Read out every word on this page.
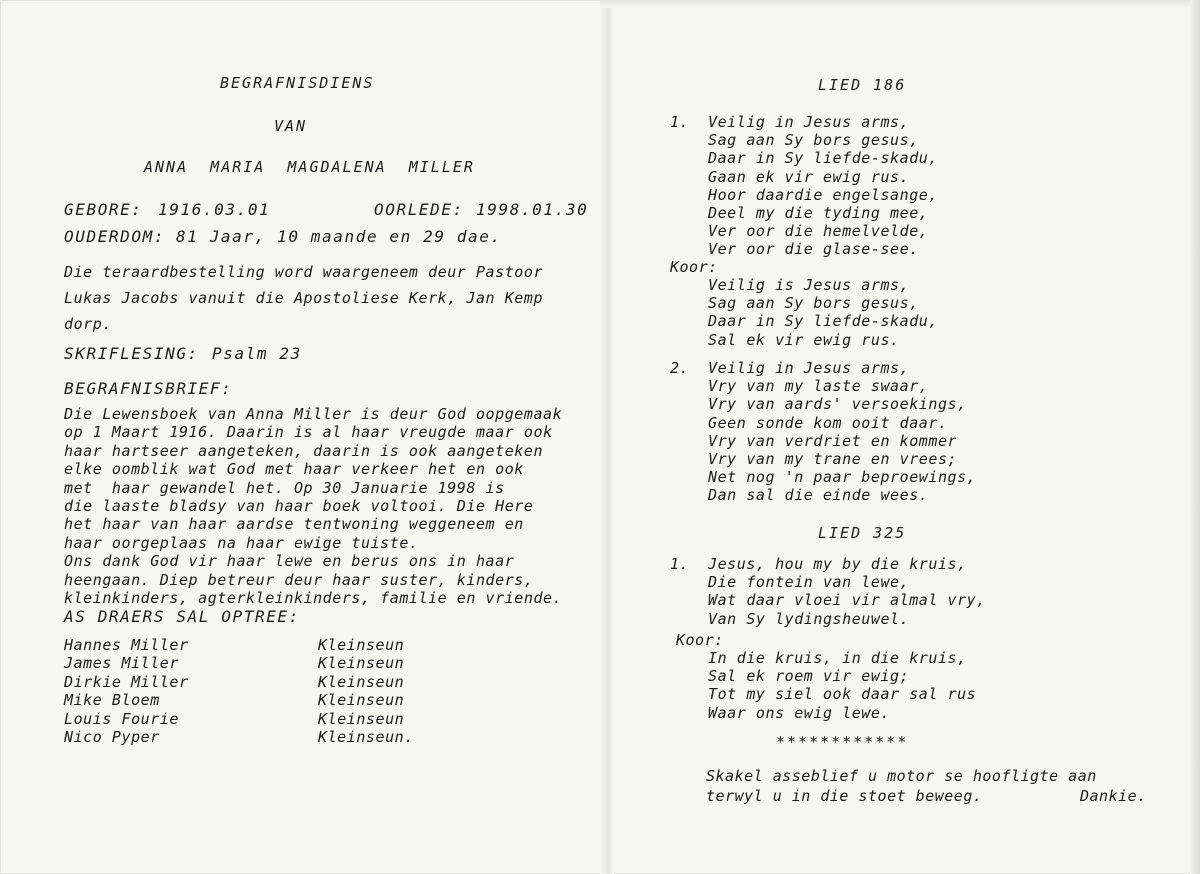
BEGRAFNISDIENS

VAN

ANNA  MARIA  MAGDALENA  MILLER

GEBORE: 1916.03.01	OORLEDE: 1998.01.30

OUDERDOM: 81 Jaar, 10 maande en 29 dae.

Die teraardbestelling word waargeneem deur Pastoor
Lukas Jacobs vanuit die Apostoliese Kerk, Jan Kemp
dorp.

SKRIFLESING: Psalm 23

BEGRAFNISBRIEF:

Die Lewensboek van Anna Miller is deur God oopgemaak
op 1 Maart 1916. Daarin is al haar vreugde maar ook
haar hartseer aangeteken, daarin is ook aangeteken
elke oomblik wat God met haar verkeer het en ook
met  haar gewandel het. Op 30 Januarie 1998 is
die laaste bladsy van haar boek voltooi. Die Here
het haar van haar aardse tentwoning weggeneem en
haar oorgeplaas na haar ewige tuiste.
Ons dank God vir haar lewe en berus ons in haar
heengaan. Diep betreur deur haar suster, kinders,
kleinkinders, agterkleinkinders, familie en vriende.

AS DRAERS SAL OPTREE:

Hannes Miller
James Miller
Dirkie Miller
Mike Bloem
Louis Fourie
Nico Pyper
Kleinseun
Kleinseun
Kleinseun
Kleinseun
Kleinseun
Kleinseun.

LIED 186

1. Veilig in Jesus arms,
Sag aan Sy bors gesus,
Daar in Sy liefde-skadu,
Gaan ek vir ewig rus.
Hoor daardie engelsange,
Deel my die tyding mee,
Ver oor die hemelvelde,
Ver oor die glase-see.

Koor:

Veilig is Jesus arms,
Sag aan Sy bors gesus,
Daar in Sy liefde-skadu,
Sal ek vir ewig rus.

2. Veilig in Jesus arms,
Vry van my laste swaar,
Vry van aards' versoekings,
Geen sonde kom ooit daar.
Vry van verdriet en kommer
Vry van my trane en vrees;
Net nog 'n paar beproewings,
Dan sal die einde wees.

LIED 325

1. Jesus, hou my by die kruis,
Die fontein van lewe,
Wat daar vloei vir almal vry,
Van Sy lydingsheuwel.

Koor:

In die kruis, in die kruis,
Sal ek roem vir ewig;
Tot my siel ook daar sal rus
Waar ons ewig lewe.

************

Skakel asseblief u motor se hoofligte aan

terwyl u in die stoet beweeg.	Dankie.
